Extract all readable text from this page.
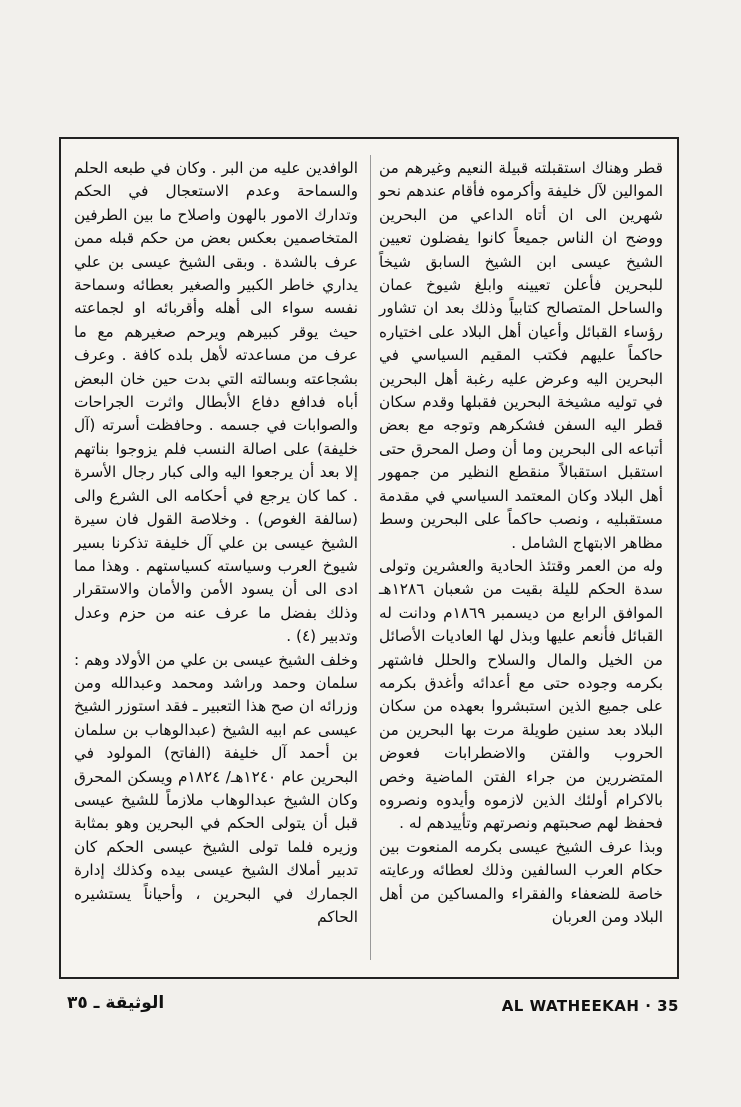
قطر وهناك استقبلته قبيلة النعيم وغيرهم من الموالين لآل خليفة وأكرموه فأقام عندهم نحو شهرين الى ان أتاه الداعي من البحرين ووضح ان الناس جميعاً كانوا يفضلون تعيين الشيخ عيسى ابن الشيخ السابق شيخاً للبحرين فأعلن تعيينه وابلغ شيوخ عمان والساحل المتصالح كتابياً وذلك بعد ان تشاور رؤساء القبائل وأعيان أهل البلاد على اختياره حاكماً عليهم فكتب المقيم السياسي في البحرين اليه وعرض عليه رغبة أهل البحرين في توليه مشيخة البحرين فقبلها وقدم سكان قطر اليه السفن فشكرهم وتوجه مع بعض أتباعه الى البحرين وما أن وصل المحرق حتى استقبل استقبالاً منقطع النظير من جمهور أهل البلاد وكان المعتمد السياسي في مقدمة مستقبليه ، ونصب حاكماً على البحرين وسط مظاهر الابتهاج الشامل .

وله من العمر وقتئذ الحادية والعشرين وتولى سدة الحكم لليلة بقيت من شعبان ١٢٨٦هـ الموافق الرابع من ديسمبر ١٨٦٩م ودانت له القبائل فأنعم عليها وبذل لها العاديات الأصائل من الخيل والمال والسلاح والحلل فاشتهر بكرمه وجوده حتى مع أعدائه وأغدق بكرمه على جميع الذين استبشروا بعهده من سكان البلاد بعد سنين طويلة مرت بها البحرين من الحروب والفتن والاضطرابات فعوض المتضررين من جراء الفتن الماضية وخص بالاكرام أولئك الذين لازموه وأيدوه ونصروه فحفظ لهم صحبتهم ونصرتهم وتأييدهم له .

وبذا عرف الشيخ عيسى بكرمه المنعوت بين حكام العرب السالفين وذلك لعطائه ورعايته خاصة للضعفاء والفقراء والمساكين من أهل البلاد ومن العربان

الوافدين عليه من البر . وكان في طبعه الحلم والسماحة وعدم الاستعجال في الحكم وتدارك الامور بالهون واصلاح ما بين الطرفين المتخاصمين بعكس بعض من حكم قبله ممن عرف بالشدة . وبقى الشيخ عيسى بن علي يداري خاطر الكبير والصغير بعطائه وسماحة نفسه سواء الى أهله وأقربائه او لجماعته حيث يوقر كبيرهم ويرحم صغيرهم مع ما عرف من مساعدته لأهل بلده كافة . وعرف بشجاعته وبسالته التي بدت حين خان البعض أباه فدافع دفاع الأبطال واثرت الجراحات والصوابات في جسمه . وحافظت أسرته (آل خليفة) على اصالة النسب فلم يزوجوا بناتهم إلا بعد أن يرجعوا اليه والى كبار رجال الأسرة . كما كان يرجع في أحكامه الى الشرع والى (سالفة الغوص) . وخلاصة القول فان سيرة الشيخ عيسى بن علي آل خليفة تذكرنا بسير شيوخ العرب وسياسته كسياستهم . وهذا مما ادى الى أن يسود الأمن والأمان والاستقرار وذلك بفضل ما عرف عنه من حزم وعدل وتدبير (٤) .

وخلف الشيخ عيسى بن علي من الأولاد وهم : سلمان وحمد وراشد ومحمد وعبدالله ومن وزرائه ان صح هذا التعبير ـ فقد استوزر الشيخ عيسى عم ابيه الشيخ (عبدالوهاب بن سلمان بن أحمد آل خليفة (الفاتح) المولود في البحرين عام ١٢٤٠هـ/ ١٨٢٤م ويسكن المحرق وكان الشيخ عبدالوهاب ملازماً للشيخ عيسى قبل أن يتولى الحكم في البحرين وهو بمثابة وزيره فلما تولى الشيخ عيسى الحكم كان تدبير أملاك الشيخ عيسى بيده وكذلك إدارة الجمارك في البحرين ، وأحياناً يستشيره الحاكم

الوثيقة ـ ٣٥	AL WATHEEKAH · 35
